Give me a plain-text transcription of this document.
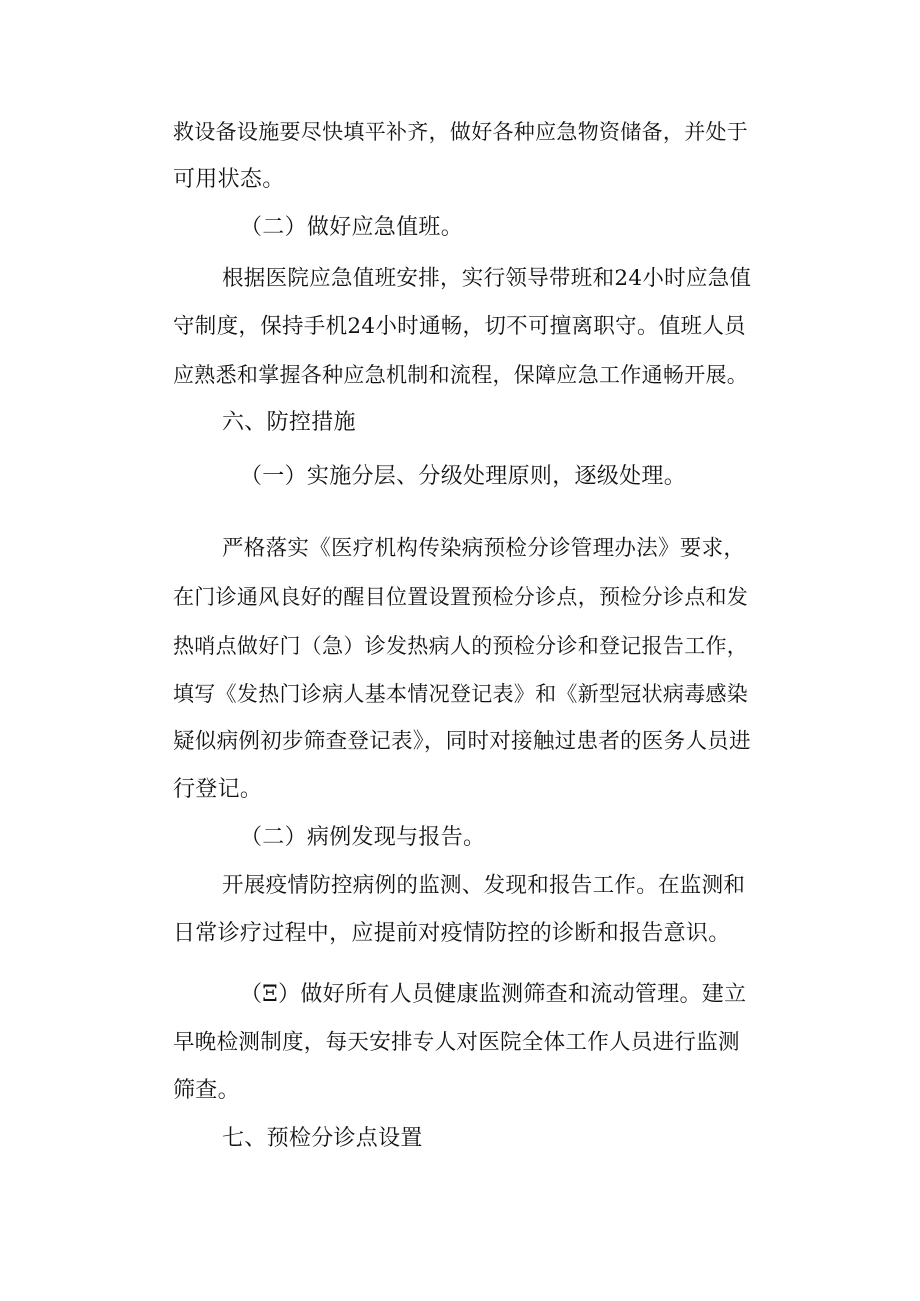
救设备设施要尽快填平补齐，做好各种应急物资储备，并处于
可用状态。
（二）做好应急值班。
根据医院应急值班安排，实行领导带班和24小时应急值
守制度，保持手机24小时通畅，切不可擅离职守。值班人员
应熟悉和掌握各种应急机制和流程，保障应急工作通畅开展。
六、防控措施
（一）实施分层、分级处理原则，逐级处理。
严格落实《医疗机构传染病预检分诊管理办法》要求，
在门诊通风良好的醒目位置设置预检分诊点，预检分诊点和发
热哨点做好门（急）诊发热病人的预检分诊和登记报告工作，
填写《发热门诊病人基本情况登记表》和《新型冠状病毒感染
疑似病例初步筛查登记表》，同时对接触过患者的医务人员进
行登记。
（二）病例发现与报告。
开展疫情防控病例的监测、发现和报告工作。在监测和
日常诊疗过程中，应提前对疫情防控的诊断和报告意识。
（Ξ）做好所有人员健康监测筛查和流动管理。建立
早晚检测制度，每天安排专人对医院全体工作人员进行监测
筛查。
七、预检分诊点设置
